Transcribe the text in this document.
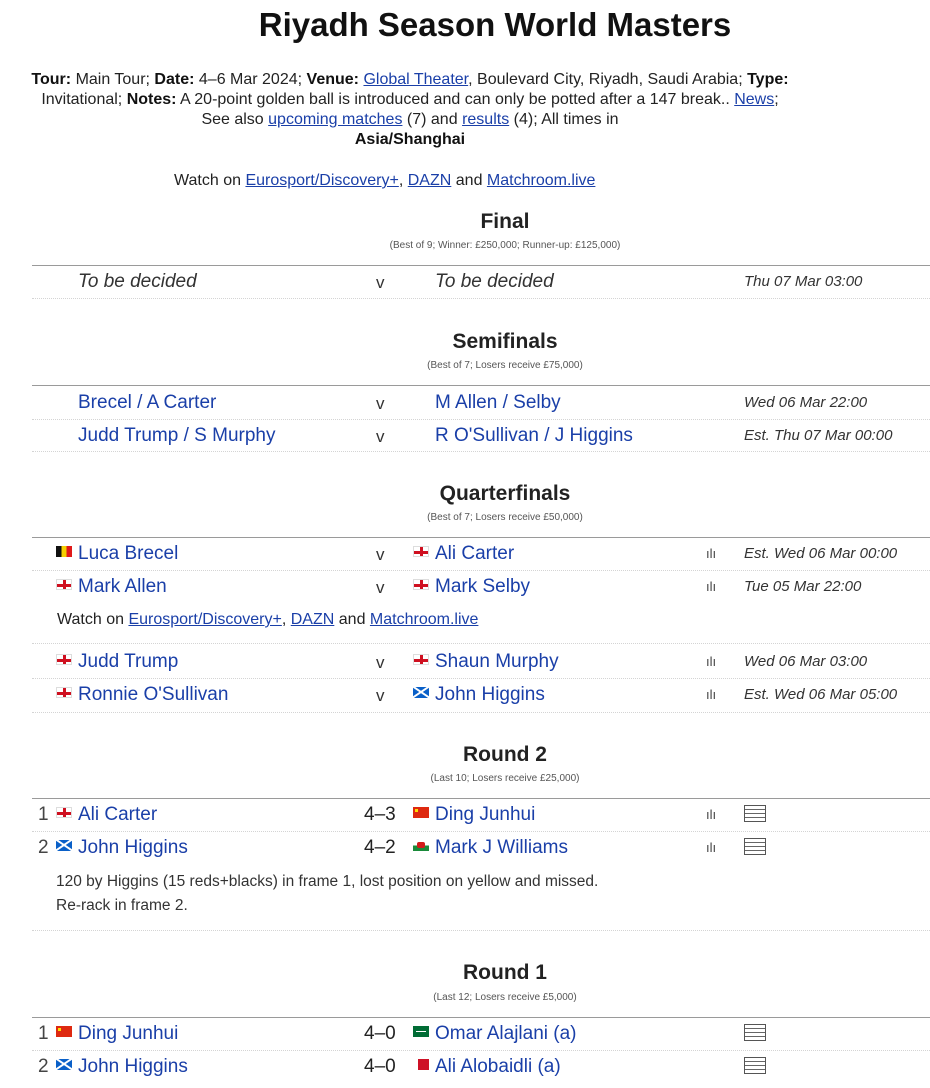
Riyadh Season World Masters
Tour: Main Tour; Date: 4–6 Mar 2024; Venue: Global Theater, Boulevard City, Riyadh, Saudi Arabia; Type: Invitational; Notes: A 20-point golden ball is introduced and can only be potted after a 147 break.. News; See also upcoming matches (7) and results (4); All times in
Asia/Shanghai
Watch on Eurosport/Discovery+, DAZN and Matchroom.live
Final
(Best of 9; Winner: £250,000; Runner-up: £125,000)
To be decided	v	To be decided	Thu 07 Mar 03:00
Semifinals
(Best of 7; Losers receive £75,000)
Brecel / A Carter	v	M Allen / Selby	Wed 06 Mar 22:00
Judd Trump / S Murphy	v	R O'Sullivan / J Higgins	Est. Thu 07 Mar 00:00
Quarterfinals
(Best of 7; Losers receive £50,000)
Luca Brecel	v	Ali Carter	ılı Est. Wed 06 Mar 00:00
Mark Allen	v	Mark Selby	ılı Tue 05 Mar 22:00
Watch on Eurosport/Discovery+, DAZN and Matchroom.live
Judd Trump	v	Shaun Murphy	ılı Wed 06 Mar 03:00
Ronnie O'Sullivan	v	John Higgins	ılı Est. Wed 06 Mar 05:00
Round 2
(Last 10; Losers receive £25,000)
1	Ali Carter	4–3	Ding Junhui	ılı
2	John Higgins	4–2	Mark J Williams	ılı
120 by Higgins (15 reds+blacks) in frame 1, lost position on yellow and missed.
Re-rack in frame 2.
Round 1
(Last 12; Losers receive £5,000)
1	Ding Junhui	4–0	Omar Alajlani (a)
2	John Higgins	4–0	Ali Alobaidli (a)
